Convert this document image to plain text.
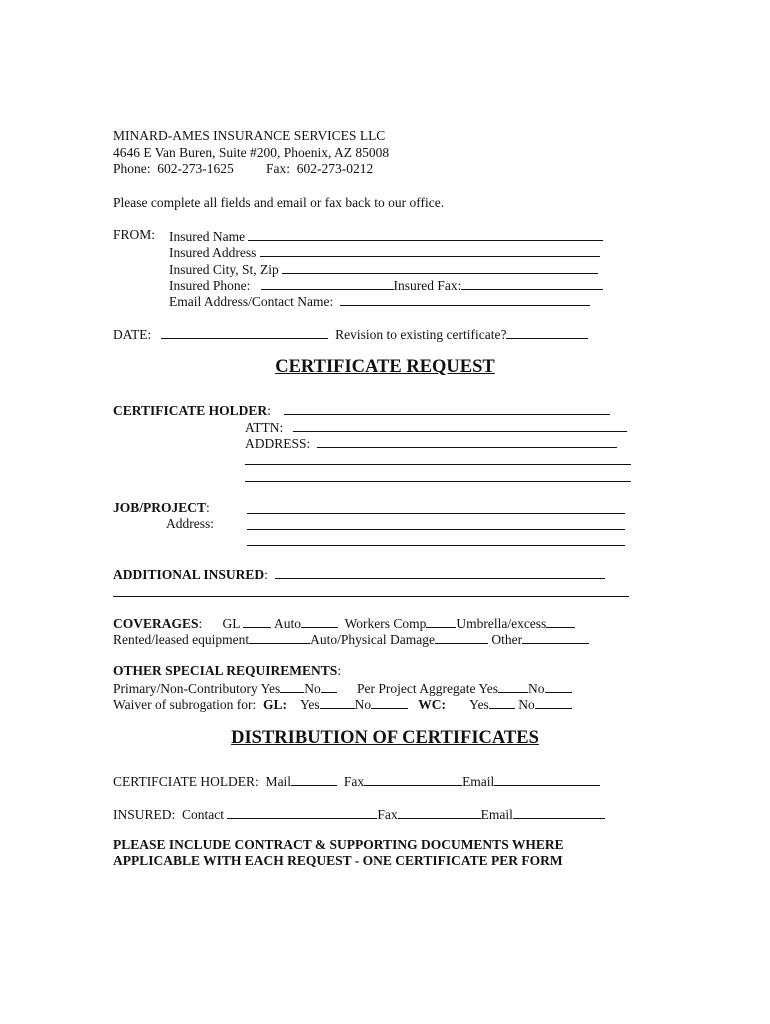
MINARD-AMES INSURANCE SERVICES LLC
4646 E Van Buren, Suite #200, Phoenix, AZ 85008
Phone:  602-273-1625 Fax:  602-273-0212
Please complete all fields and email or fax back to our office.
FROM: Insured Name
Insured Address
Insured City, St, Zip
Insured Phone:	Insured Fax:
Email Address/Contact Name:
DATE:	Revision to existing certificate?
CERTIFICATE REQUEST
CERTIFICATE HOLDER:
ATTN:
ADDRESS:
JOB/PROJECT:
Address:
ADDITIONAL INSURED:
COVERAGES:      GL	Auto	Workers Comp Umbrella/excess
Rented/leased equipment	Auto/Physical Damage	Other
OTHER SPECIAL REQUIREMENTS:
Primary/Non-Contributory Yes No	Per Project Aggregate Yes No
Waiver of subrogation for: GL: Yes	No	WC: Yes No
DISTRIBUTION OF CERTIFICATES
CERTIFCIATE HOLDER:  Mail	Fax	Email
INSURED:  Contact	Fax	Email
PLEASE INCLUDE CONTRACT & SUPPORTING DOCUMENTS WHERE
APPLICABLE WITH EACH REQUEST - ONE CERTIFICATE PER FORM
